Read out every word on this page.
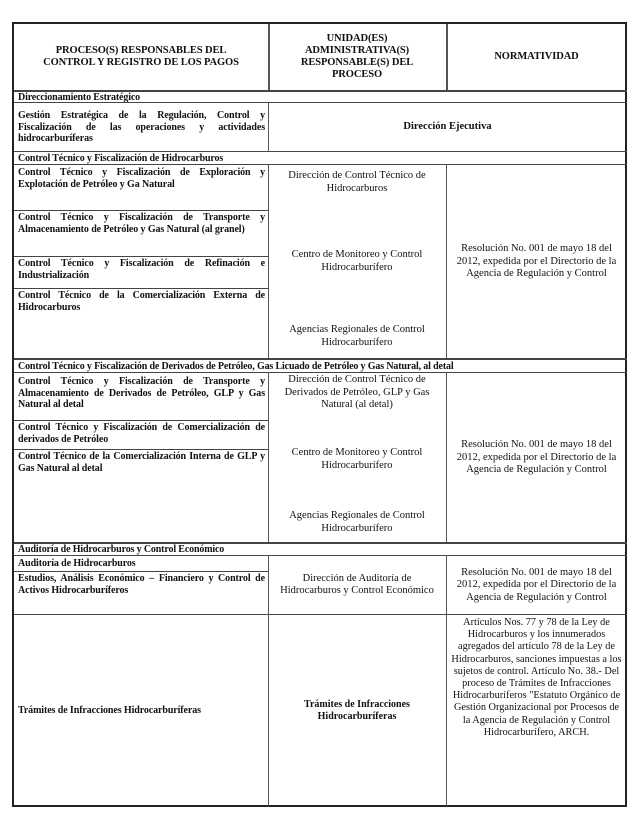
PROCESO(S) RESPONSABLES DEL CONTROL Y REGISTRO DE LOS PAGOS
UNIDAD(ES) ADMINISTRATIVA(S) RESPONSABLE(S) DEL PROCESO
NORMATIVIDAD
Direccionamiento Estratégico
Gestión Estratégica de la Regulación, Control y Fiscalización de las operaciones y actividades hidrocarburíferas
Dirección Ejecutiva
Control Técnico y Fiscalización de Hidrocarburos
Control Técnico y Fiscalización de Exploración y Explotación de Petróleo y Ga Natural
Control Técnico y Fiscalización de Transporte y Almacenamiento de Petróleo y Gas Natural (al granel)
Control Técnico y Fiscalización de Refinación e Industrialización
Control Técnico de la Comercialización Externa de Hidrocarburos
Dirección de Control Técnico de Hidrocarburos
Centro de Monitoreo y Control Hidrocarburífero
Agencias Regionales de Control Hidrocarburífero
Resolución No. 001 de mayo 18 del 2012, expedida por el Directorio de la Agencia de Regulación y Control
Control Técnico y Fiscalización de Derivados de Petróleo, Gas Licuado de Petróleo y Gas Natural, al detal
Control Técnico y Fiscalización de Transporte y Almacenamiento de Derivados de Petróleo, GLP y Gas Natural al detal
Control Técnico y Fiscalización de Comercialización de derivados de Petróleo
Control Técnico de la Comercialización Interna de GLP y Gas Natural al detal
Dirección de Control Técnico de Derivados de Petróleo, GLP y Gas Natural (al detal)
Centro de Monitoreo y Control Hidrocarburífero
Agencias Regionales de Control Hidrocarburífero
Resolución No. 001 de mayo 18 del 2012, expedida por el Directorio de la Agencia de Regulación y Control
Auditoría de Hidrocarburos y Control Económico
Auditoría de Hidrocarburos
Estudios, Análisis Económico – Financiero y Control de Activos Hidrocarburíferos
Dirección de Auditoría de Hidrocarburos y Control Económico
Resolución No. 001 de mayo 18 del 2012, expedida por el Directorio de la Agencia de Regulación y Control
Trámites de Infracciones Hidrocarburíferas
Trámites de Infracciones Hidrocarburíferas
Artículos Nos. 77 y 78 de la Ley de Hidrocarburos y los innumerados agregados del artículo 78 de la Ley de Hidrocarburos, sanciones impuestas a los sujetos de control. Artículo No. 38.- Del proceso de Trámites de Infracciones Hidrocarburíferos "Estatuto Orgánico de Gestión Organizacional por Procesos de la Agencia de Regulación y Control Hidrocarburífero, ARCH.
